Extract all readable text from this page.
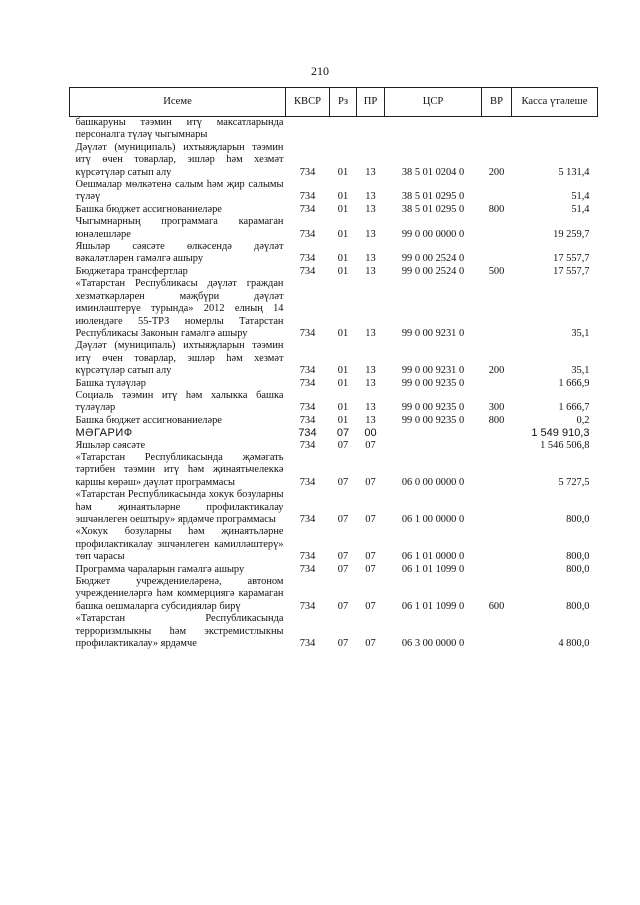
210
Исеме	КВСР	Рз	ПР	ЦСР	ВР	Касса үтәлеше
башкаруны тәэмин итү максатларында персоналга түләү чыгымнары						
Дәүләт (муниципаль) ихтыяҗларын тәэмин итү өчен товарлар, эшләр һәм хезмәт күрсәтүләр сатып алу	734	01	13	38 5 01 0204 0	200	5 131,4
Оешмалар мөлкәтенә салым һәм җир салымы түләү	734	01	13	38 5 01 0295 0		51,4
Башка бюджет ассигнованиеләре	734	01	13	38 5 01 0295 0	800	51,4
Чыгымнарның программага карамаган юнәлешләре	734	01	13	99 0 00 0000 0		19 259,7
Яшьләр сәясәте өлкәсендә дәүләт вәкаләтләрен гамәлгә ашыру	734	01	13	99 0 00 2524 0		17 557,7
Бюджетара трансфертлар	734	01	13	99 0 00 2524 0	500	17 557,7
«Татарстан Республикасы дәүләт граждан хезмәткәрләрен мәҗбүри дәүләт иминләштерүе турында» 2012 елның 14 июлендәге 55-ТРЗ номерлы Татарстан Республикасы Законын гамәлгә ашыру	734	01	13	99 0 00 9231 0		35,1
Дәүләт (муниципаль) ихтыяҗларын тәэмин итү өчен товарлар, эшләр һәм хезмәт күрсәтүләр сатып алу	734	01	13	99 0 00 9231 0	200	35,1
Башка түләүләр	734	01	13	99 0 00 9235 0		1 666,9
Социаль тәэмин итү һәм халыкка башка түләүләр	734	01	13	99 0 00 9235 0	300	1 666,7
Башка бюджет ассигнованиеләре	734	01	13	99 0 00 9235 0	800	0,2
МӘГАРИФ	734	07	00			1 549 910,3
Яшьләр сәясәте	734	07	07			1 546 506,8
«Татарстан Республикасында җәмәгать тәртибен тәэмин итү һәм җинаятьчелеккә каршы көрәш» дәүләт программасы	734	07	07	06 0 00 0000 0		5 727,5
«Татарстан Республикасында хокук бозуларны һәм җинаятьләрне профилактикалау эшчәнлеген оештыру» ярдәмче программасы	734	07	07	06 1 00 0000 0		800,0
«Хокук бозуларны һәм җинаятьләрне профилактикалау эшчәнлеген камилләштерү» төп чарасы	734	07	07	06 1 01 0000 0		800,0
Программа чараларын гамәлгә ашыру	734	07	07	06 1 01 1099 0		800,0
Бюджет учреждениеләренә, автоном учреждениеләргә һәм коммерциягә карамаган башка оешмаларга субсидияләр бирү	734	07	07	06 1 01 1099 0	600	800,0
«Татарстан Республикасында терроризмлыкны һәм экстремистлыкны профилактикалау» ярдәмче	734	07	07	06 3 00 0000 0		4 800,0
